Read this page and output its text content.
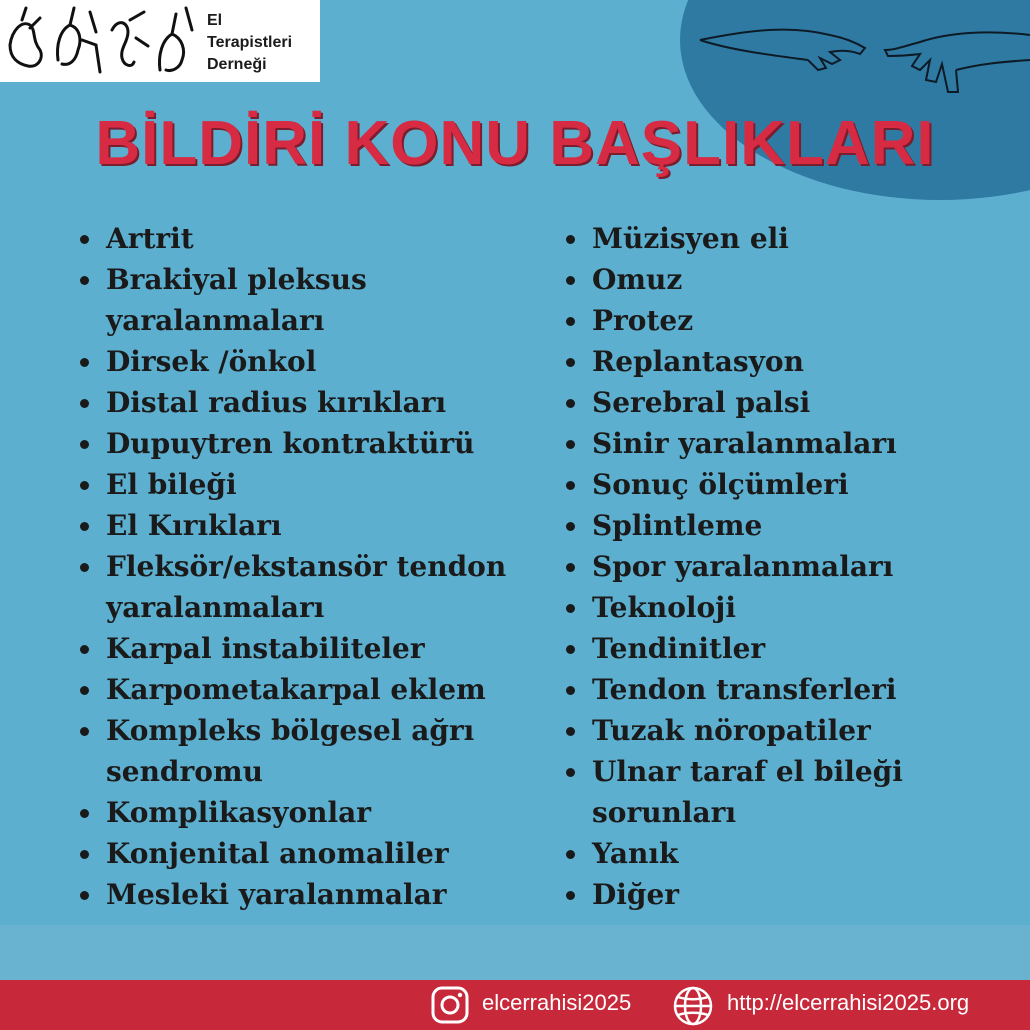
El
Terapistleri
Derneği
BİLDİRİ KONU BAŞLIKLARI
Artrit
Brakiyal pleksus
yaralanmaları
Dirsek /önkol
Distal radius kırıkları
Dupuytren kontraktürü
El bileği
El Kırıkları
Fleksör/ekstansör tendon
yaralanmaları
Karpal instabiliteler
Karpometakarpal eklem
Kompleks bölgesel ağrı
sendromu
Komplikasyonlar
Konjenital anomaliler
Mesleki yaralanmalar
Müzisyen eli
Omuz
Protez
Replantasyon
Serebral palsi
Sinir yaralanmaları
Sonuç ölçümleri
Splintleme
Spor yaralanmaları
Teknoloji
Tendinitler
Tendon transferleri
Tuzak nöropatiler
Ulnar taraf el bileği
sorunları
Yanık
Diğer
elcerrahisi2025	http://elcerrahisi2025.org
